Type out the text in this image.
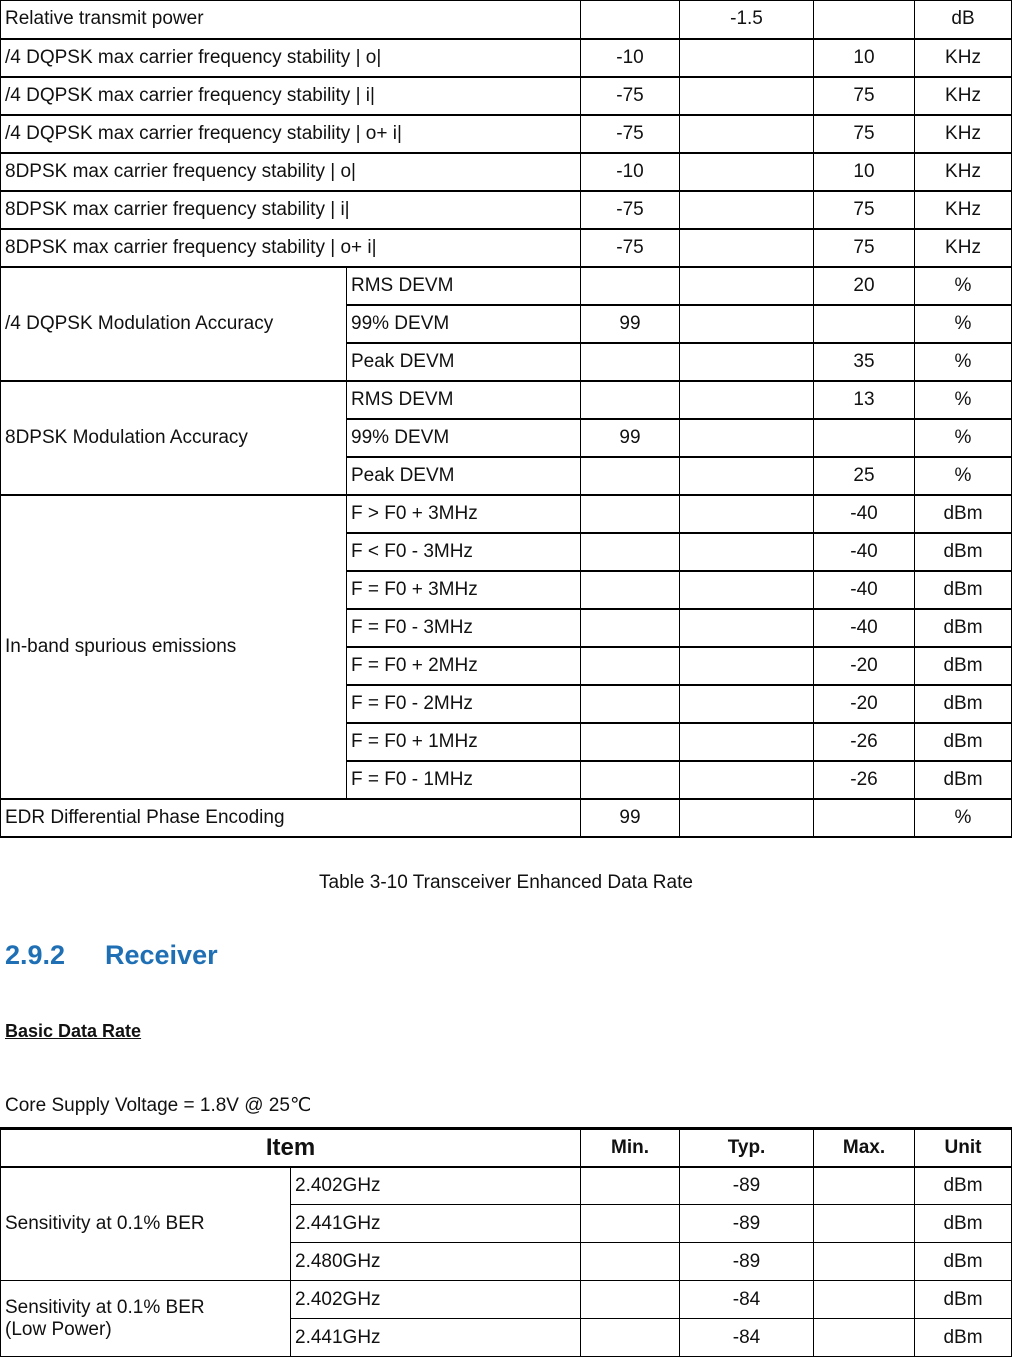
Relative transmit power			-1.5		dB
/4 DQPSK max carrier frequency stability | o|		-10		10	KHz
/4 DQPSK max carrier frequency stability | i|		-75		75	KHz
/4 DQPSK max carrier frequency stability | o+ i|		-75		75	KHz
8DPSK max carrier frequency stability | o|		-10		10	KHz
8DPSK max carrier frequency stability | i|		-75		75	KHz
8DPSK max carrier frequency stability | o+ i|		-75		75	KHz
/4 DQPSK Modulation Accuracy	RMS DEVM			20	%
	99% DEVM	99			%
	Peak DEVM			35	%
8DPSK Modulation Accuracy	RMS DEVM			13	%
	99% DEVM	99			%
	Peak DEVM			25	%
In-band spurious emissions	F > F0 + 3MHz			-40	dBm
	F < F0 - 3MHz			-40	dBm
	F = F0 + 3MHz			-40	dBm
	F = F0 - 3MHz			-40	dBm
	F = F0 + 2MHz			-20	dBm
	F = F0 - 2MHz			-20	dBm
	F = F0 + 1MHz			-26	dBm
	F = F0 - 1MHz			-26	dBm
EDR Differential Phase Encoding		99			%
Table 3-10 Transceiver Enhanced Data Rate
2.9.2 Receiver
Basic Data Rate
Core Supply Voltage = 1.8V @ 25℃
Item		Min.	Typ.	Max.	Unit
Sensitivity at 0.1% BER	2.402GHz		-89		dBm
	2.441GHz		-89		dBm
	2.480GHz		-89		dBm

Sensitivity at 0.1% BER
(Low Power)	2.402GHz		-84		dBm
	2.441GHz		-84		dBm
